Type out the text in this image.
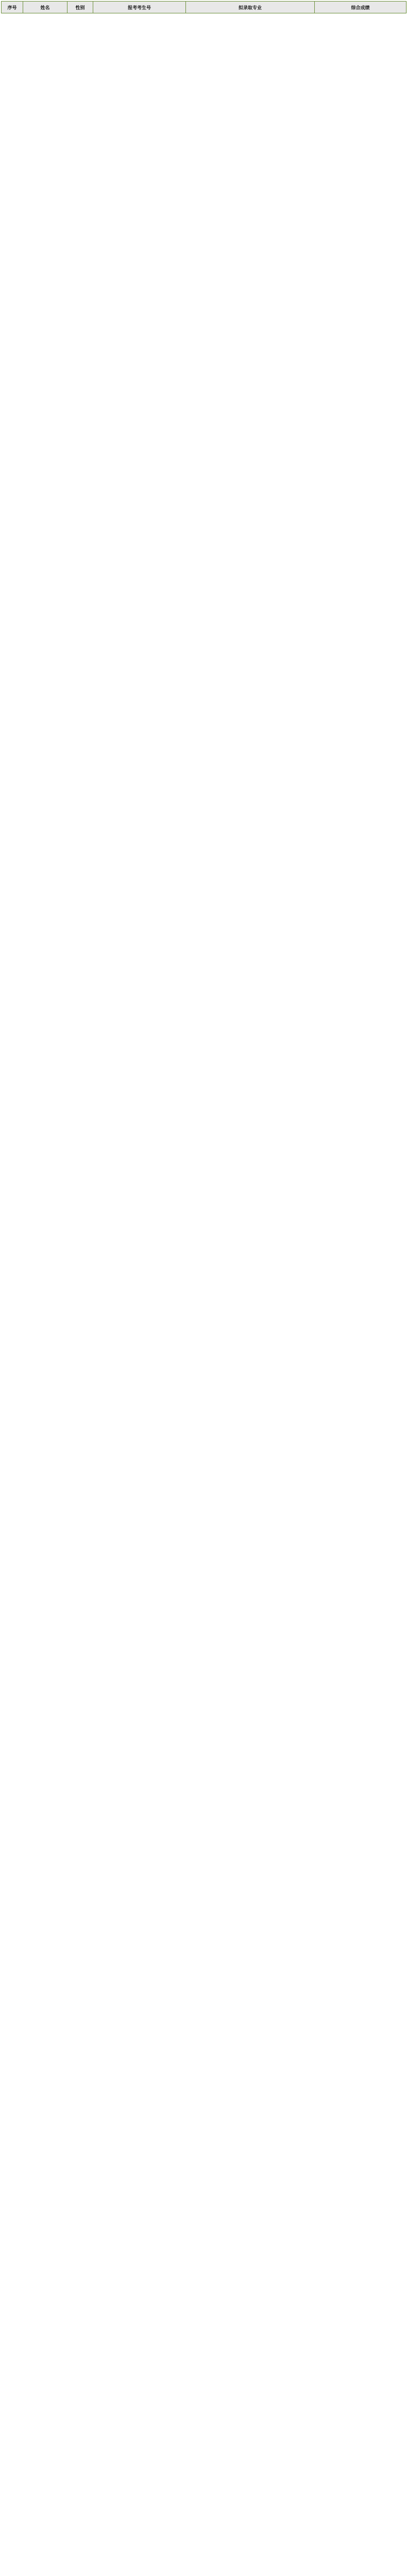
序号	姓名	性别	报考考生号	拟录取专业	综合成绩
